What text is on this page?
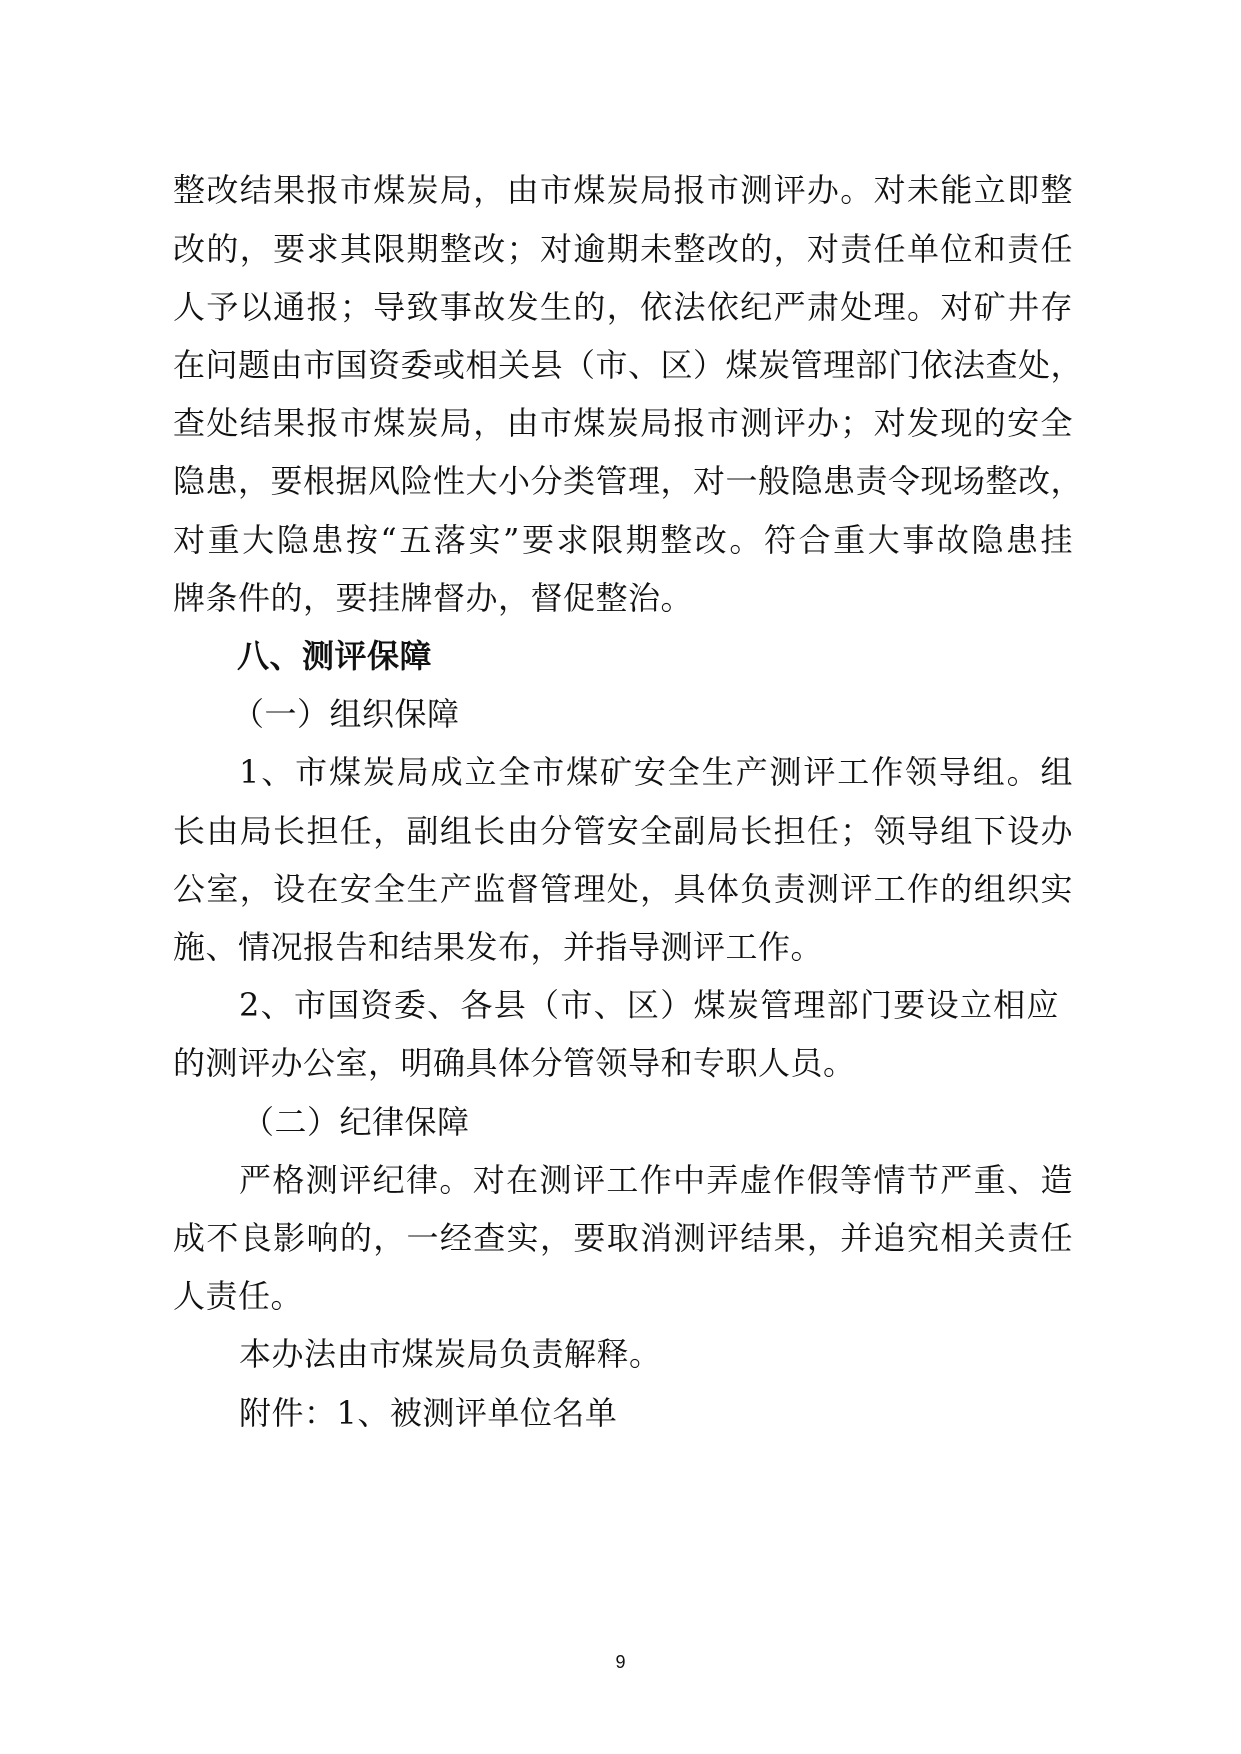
整改结果报市煤炭局，由市煤炭局报市测评办。对未能立即整
改的，要求其限期整改；对逾期未整改的，对责任单位和责任
人予以通报；导致事故发生的，依法依纪严肃处理。对矿井存
在问题由市国资委或相关县（市、区）煤炭管理部门依法查处，
查处结果报市煤炭局，由市煤炭局报市测评办；对发现的安全
隐患，要根据风险性大小分类管理，对一般隐患责令现场整改，
对重大隐患按“五落实”要求限期整改。符合重大事故隐患挂
牌条件的，要挂牌督办，督促整治。
八、测评保障
（一）组织保障
1、市煤炭局成立全市煤矿安全生产测评工作领导组。组
长由局长担任，副组长由分管安全副局长担任；领导组下设办
公室，设在安全生产监督管理处，具体负责测评工作的组织实
施、情况报告和结果发布，并指导测评工作。
2、市国资委、各县（市、区）煤炭管理部门要设立相应
的测评办公室，明确具体分管领导和专职人员。
（二）纪律保障
严格测评纪律。对在测评工作中弄虚作假等情节严重、造
成不良影响的，一经查实，要取消测评结果，并追究相关责任
人责任。
本办法由市煤炭局负责解释。
附件：1、被测评单位名单
9
